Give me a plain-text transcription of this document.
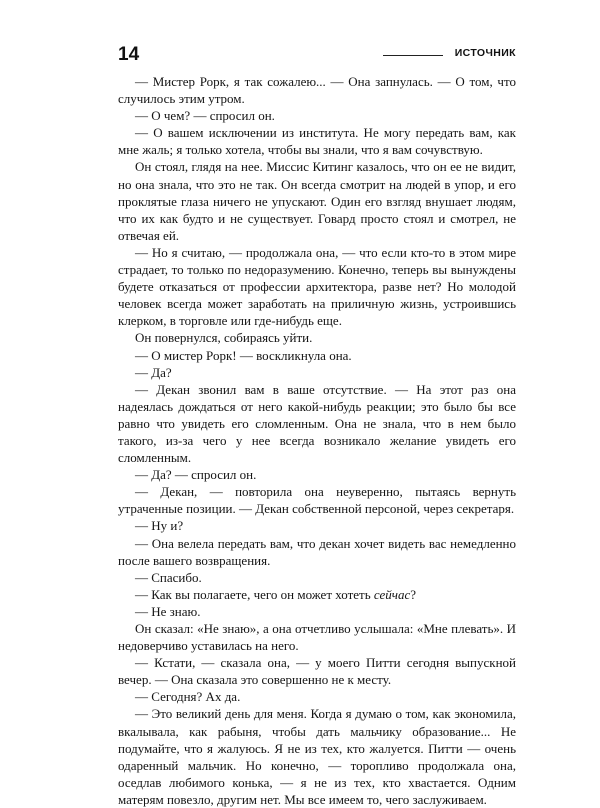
14	ИСТОЧНИК

— Мистер Рорк, я так сожалею... — Она запнулась. — О том, что случилось этим утром.

— О чем? — спросил он.

— О вашем исключении из института. Не могу передать вам, как мне жаль; я только хотела, чтобы вы знали, что я вам сочувствую.

Он стоял, глядя на нее. Миссис Китинг казалось, что он ее не видит, но она знала, что это не так. Он всегда смотрит на людей в упор, и его проклятые глаза ничего не упускают. Один его взгляд внушает людям, что их как будто и не существует. Говард просто стоял и смотрел, не отвечая ей.

— Но я считаю, — продолжала она, — что если кто-то в этом мире страдает, то только по недоразумению. Конечно, теперь вы вынуждены будете отказаться от профессии архитектора, разве нет? Но молодой человек всегда может заработать на приличную жизнь, устроившись клерком, в торговле или где-нибудь еще.

Он повернулся, собираясь уйти.

— О мистер Рорк! — воскликнула она.

— Да?

— Декан звонил вам в ваше отсутствие. — На этот раз она надеялась дождаться от него какой-нибудь реакции; это было бы все равно что увидеть его сломленным. Она не знала, что в нем было такого, из-за чего у нее всегда возникало желание увидеть его сломленным.

— Да? — спросил он.

— Декан, — повторила она неуверенно, пытаясь вернуть утраченные позиции. — Декан собственной персоной, через секретаря.

— Ну и?

— Она велела передать вам, что декан хочет видеть вас немедленно после вашего возвращения.

— Спасибо.

— Как вы полагаете, чего он может хотеть сейчас?

— Не знаю.

Он сказал: «Не знаю», а она отчетливо услышала: «Мне плевать». И недоверчиво уставилась на него.

— Кстати, — сказала она, — у моего Питти сегодня выпускной вечер. — Она сказала это совершенно не к месту.

— Сегодня? Ах да.

— Это великий день для меня. Когда я думаю о том, как экономила, вкалывала, как рабыня, чтобы дать мальчику образование... Не подумайте, что я жалуюсь. Я не из тех, кто жалуется. Питти — очень одаренный мальчик. Но конечно, — торопливо продолжала она, оседлав любимого конька, — я не из тех, кто хвастается. Одним матерям повезло, другим нет. Мы все имеем то, чего заслуживаем.
